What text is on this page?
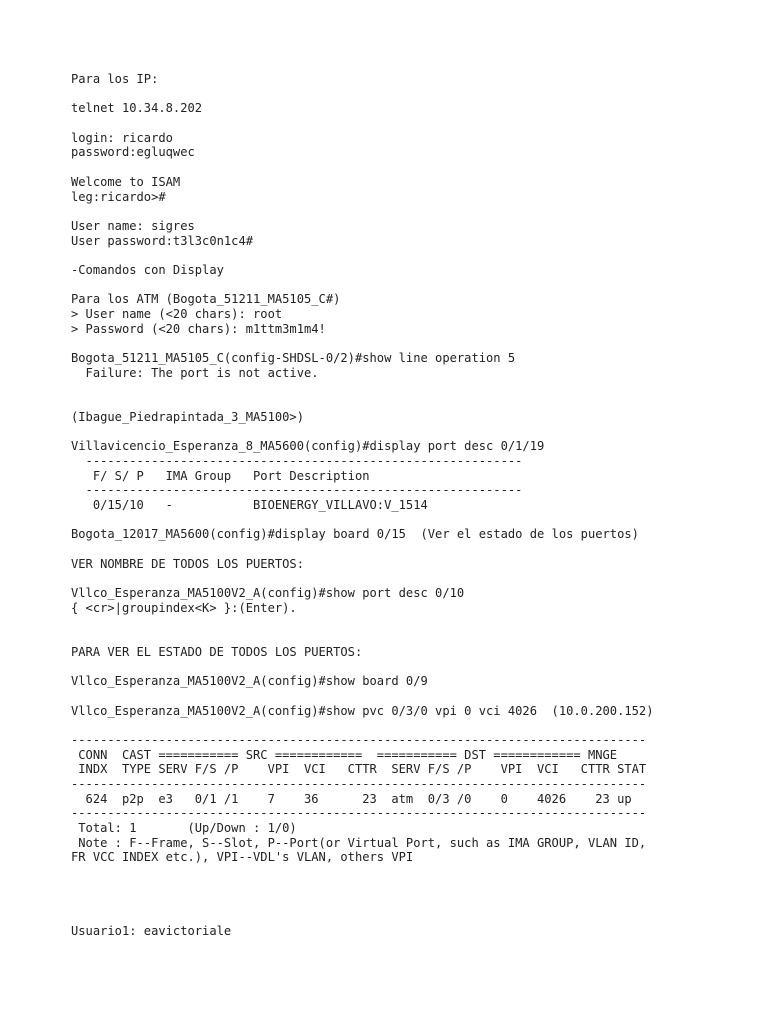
Para los IP:
telnet 10.34.8.202
login: ricardo
password:egluqwec
Welcome to ISAM
leg:ricardo>#
User name: sigres
User password:t3l3c0n1c4#
-Comandos con Display
Para los ATM (Bogota_51211_MA5105_C#)
> User name (<20 chars): root
> Password (<20 chars): m1ttm3m1m4!
Bogota_51211_MA5105_C(config-SHDSL-0/2)#show line operation 5
Failure: The port is not active.
(Ibague_Piedrapintada_3_MA5100>)
Villavicencio_Esperanza_8_MA5600(config)#display port desc 0/1/19
------------------------------------------------------------
F/ S/ P   IMA Group   Port Description
------------------------------------------------------------
0/15/10   -           BIOENERGY_VILLAVO:V_1514
Bogota_12017_MA5600(config)#display board 0/15  (Ver el estado de los puertos)
VER NOMBRE DE TODOS LOS PUERTOS:
Vllco_Esperanza_MA5100V2_A(config)#show port desc 0/10
{ <cr>|groupindex<K> }:(Enter).
PARA VER EL ESTADO DE TODOS LOS PUERTOS:
Vllco_Esperanza_MA5100V2_A(config)#show board 0/9
Vllco_Esperanza_MA5100V2_A(config)#show pvc 0/3/0 vpi 0 vci 4026  (10.0.200.152)
-------------------------------------------------------------------------------
CONN  CAST =========== SRC ============  =========== DST ============ MNGE
INDX  TYPE SERV F/S /P    VPI  VCI   CTTR  SERV F/S /P    VPI  VCI   CTTR STAT
-------------------------------------------------------------------------------
624  p2p  e3   0/1 /1    7    36      23  atm  0/3 /0    0    4026    23 up
-------------------------------------------------------------------------------
Total: 1       (Up/Down : 1/0)
Note : F--Frame, S--Slot, P--Port(or Virtual Port, such as IMA GROUP, VLAN ID,
FR VCC INDEX etc.), VPI--VDL's VLAN, others VPI
Usuario1: eavictoriale
